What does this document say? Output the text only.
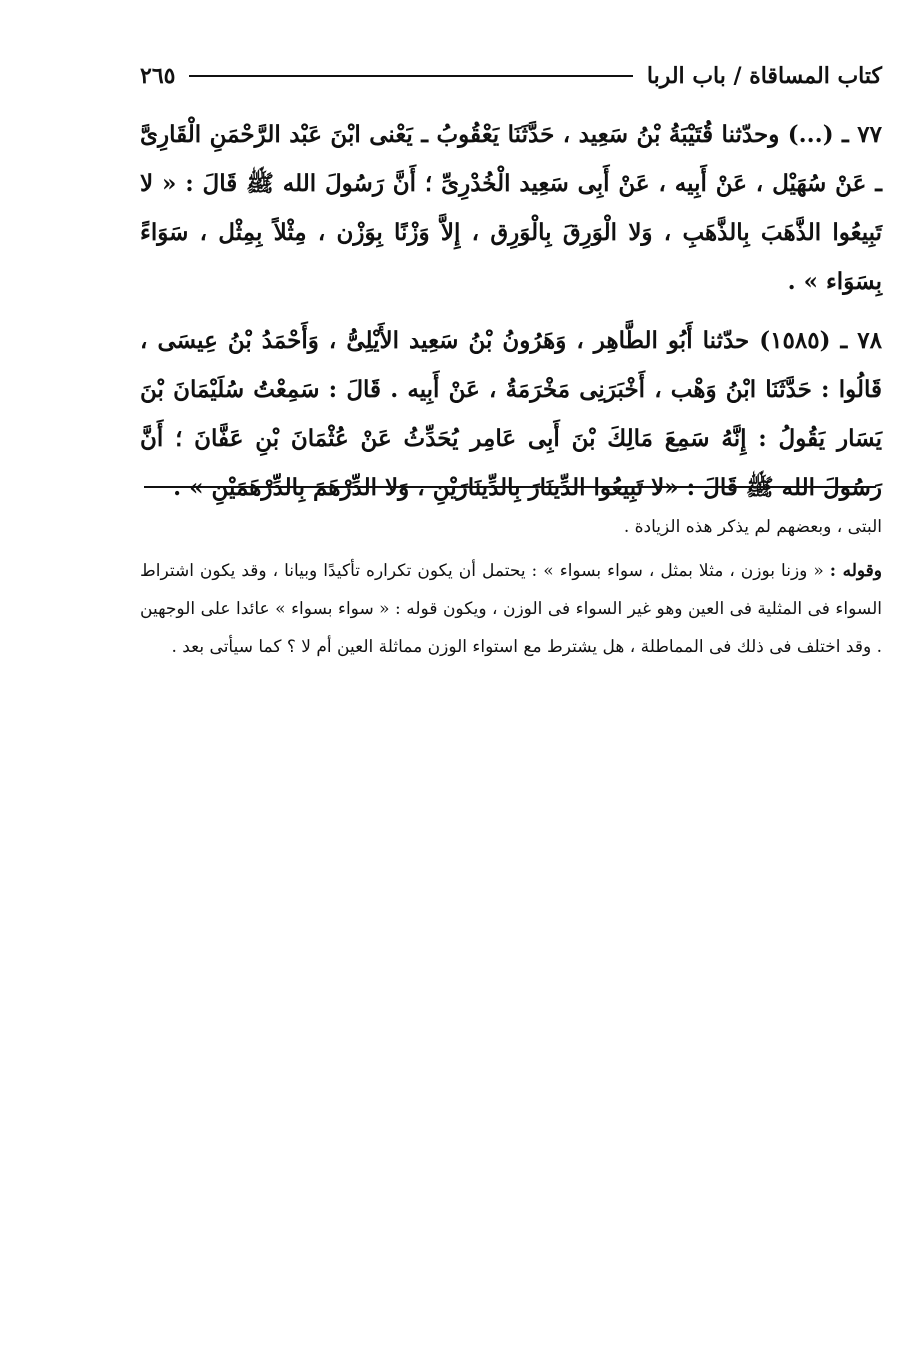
كتاب المساقاة / باب الربا
٢٦٥

٧٧ ـ (...) وحدّثنا قُتَيْبَةُ بْنُ سَعِيد ، حَدَّثَنَا يَعْقُوبُ ـ يَعْنى ابْنَ عَبْد الرَّحْمَنِ الْقَارِىَّ ـ عَنْ سُهَيْل ، عَنْ أَبِيه ، عَنْ أَبِى سَعِيد الْخُدْرِىِّ ؛ أَنَّ رَسُولَ الله ﷺ قَالَ : « لا تَبِيعُوا الذَّهَبَ بِالذَّهَبِ ، وَلا الْوَرِقَ بِالْوَرِق ، إِلاَّ وَزْنًا بِوَزْن ، مِثْلاً بِمِثْل ، سَوَاءً بِسَوَاء » .

٧٨ ـ (١٥٨٥) حدّثنا أَبُو الطَّاهِر ، وَهَرُونُ بْنُ سَعِيد الأَيْلِىُّ ، وَأَحْمَدُ بْنُ عِيسَى ، قَالُوا : حَدَّثَنَا ابْنُ وَهْب ، أَخْبَرَنِى مَخْرَمَةُ ، عَنْ أَبِيه . قَالَ : سَمِعْتُ سُلَيْمَانَ بْنَ يَسَار يَقُولُ : إِنَّهُ سَمِعَ مَالِكَ بْنَ أَبِى عَامِر يُحَدِّثُ عَنْ عُثْمَانَ بْنِ عَفَّانَ ؛ أَنَّ رَسُولَ الله ﷺ قَالَ : «لا تَبِيعُوا الدِّينَارَ بِالدِّينَارَيْنِ ، وَلا الدِّرْهَمَ بِالدِّرْهَمَيْنِ » .

البتى ، وبعضهم لم يذكر هذه الزيادة .

وقوله : « وزنا بوزن ، مثلا بمثل ، سواء بسواء » : يحتمل أن يكون تكراره تأكيدًا وبيانا ، وقد يكون اشتراط السواء فى المثلية فى العين وهو غير السواء فى الوزن ، ويكون قوله : « سواء بسواء » عائدا على الوجهين . وقد اختلف فى ذلك فى المماطلة ، هل يشترط مع استواء الوزن مماثلة العين أم لا ؟ كما سيأتى بعد .
